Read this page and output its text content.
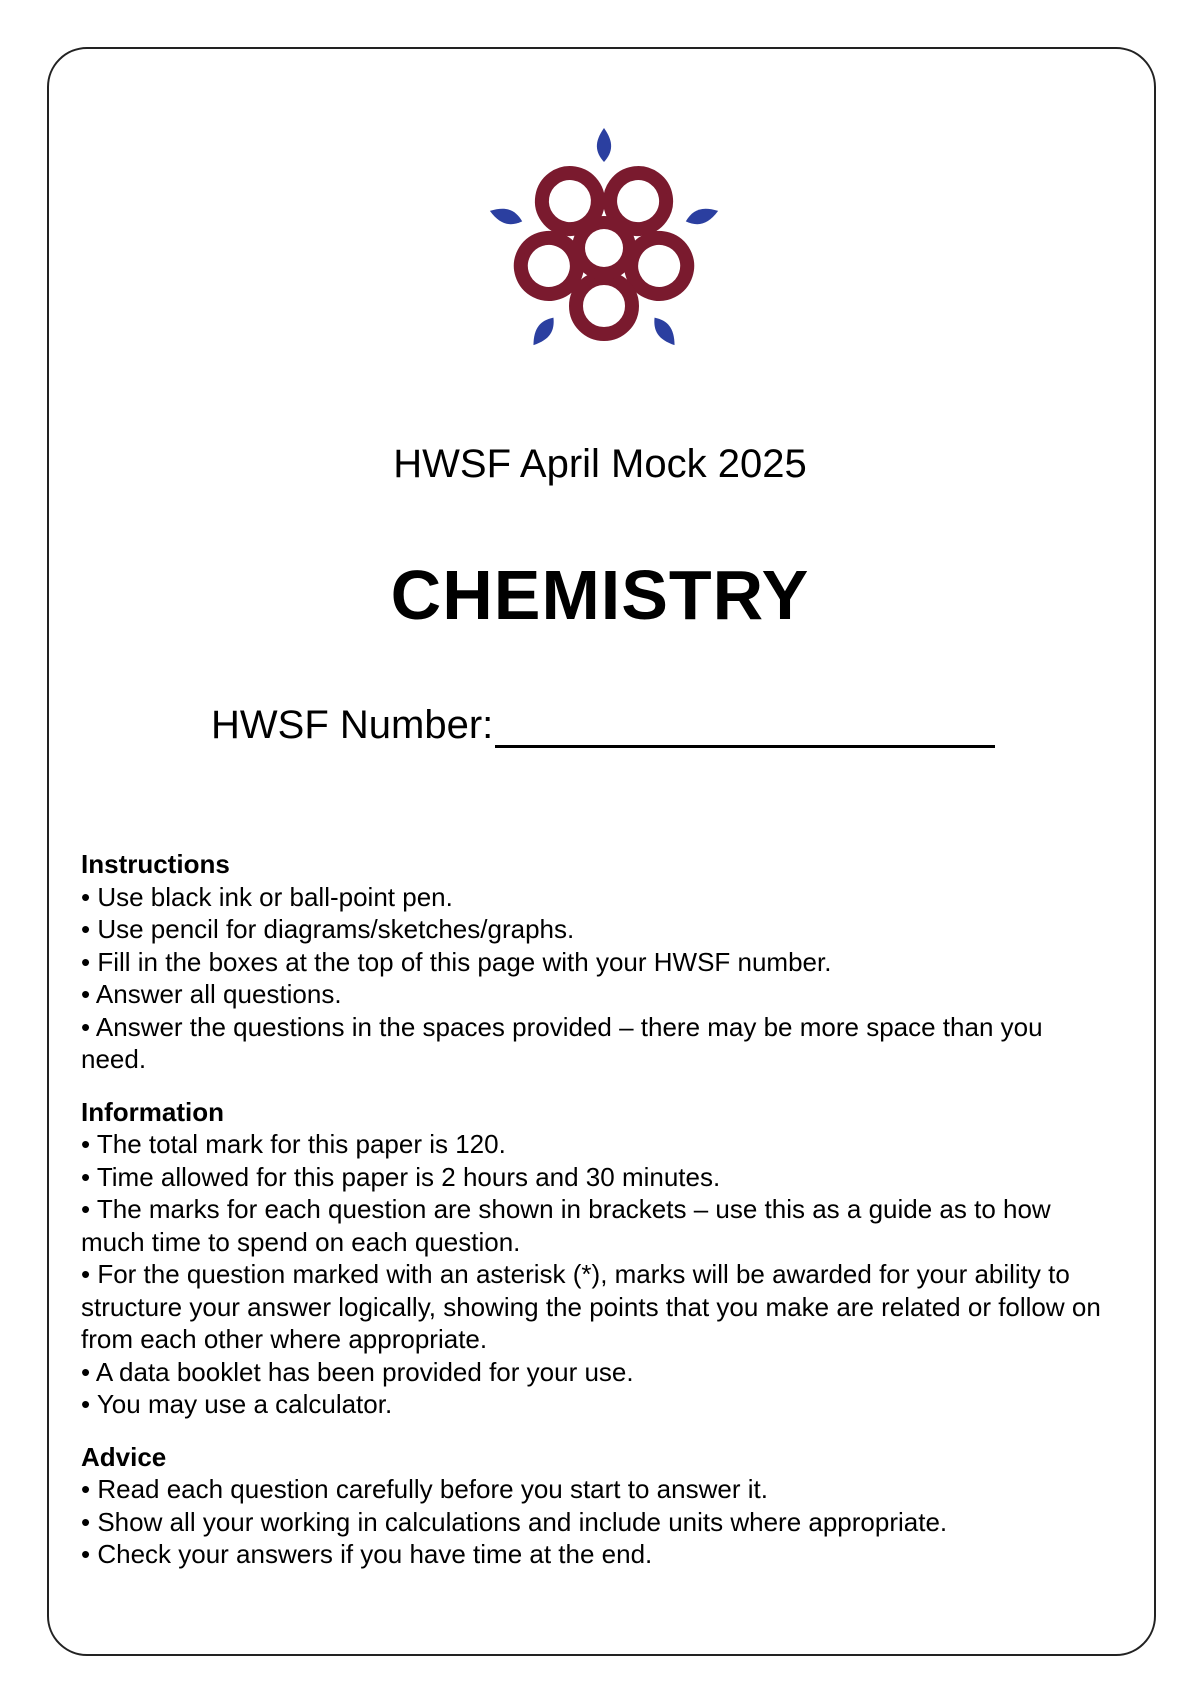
HWSF April Mock 2025
CHEMISTRY
HWSF Number:

Instructions

• Use black ink or ball-point pen.

• Use pencil for diagrams/sketches/graphs.

• Fill in the boxes at the top of this page with your HWSF number.

• Answer all questions.

• Answer the questions in the spaces provided – there may be more space than you need.

Information

• The total mark for this paper is 120.

• Time allowed for this paper is 2 hours and 30 minutes.

• The marks for each question are shown in brackets – use this as a guide as to how much time to spend on each question.

• For the question marked with an asterisk (*), marks will be awarded for your ability to structure your answer logically, showing the points that you make are related or follow on from each other where appropriate.

• A data booklet has been provided for your use.

• You may use a calculator.

Advice

• Read each question carefully before you start to answer it.

• Show all your working in calculations and include units where appropriate.

• Check your answers if you have time at the end.
